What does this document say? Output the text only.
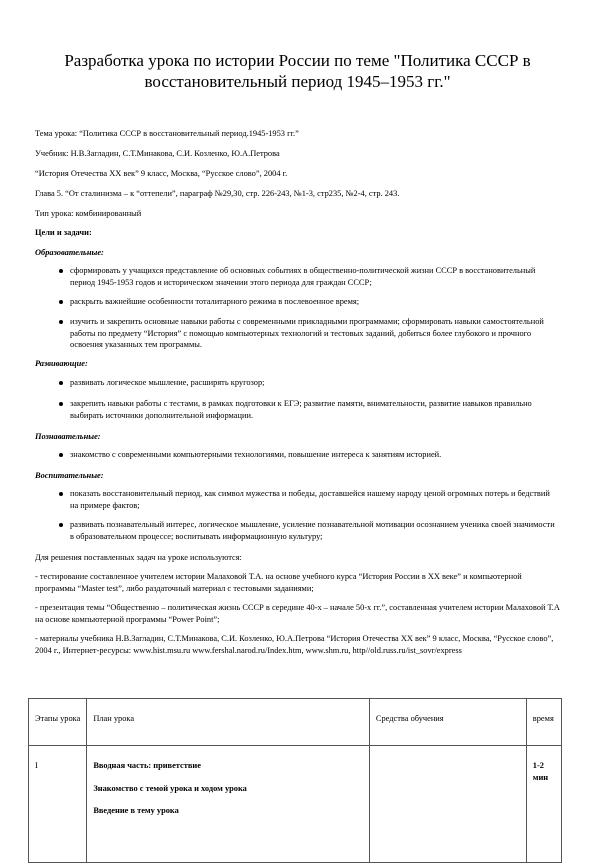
Разработка урока по истории России по теме "Политика СССР в восстановительный период 1945–1953 гг."
Тема урока: “Политика СССР в восстановительный период.1945-1953 гг.”
Учебник: Н.В.Загладин, С.Т.Минакова, С.И. Козленко, Ю.А.Петрова
“История Отечества XX век” 9 класс, Москва, “Русское слово”, 2004 г.
Глава 5. “От сталинизма – к “оттепели”, параграф №29,30, стр. 226-243, №1-3, стр235, №2-4, стр. 243.
Тип урока: комбинированный
Цели и задачи:
Образовательные:
сформировать у учащихся представление об основных событиях в общественно-политической жизни СССР в восстановительный период 1945-1953 годов и историческом значении этого периода для граждан СССР;
раскрыть важнейшие особенности тоталитарного режима в послевоенное время;
изучить и закрепить основные навыки работы с современными прикладными программами; сформировать навыки самостоятельной работы по предмету “История” с помощью компьютерных технологий и тестовых заданий, добиться более глубокого и прочного освоения указанных тем программы.
Развивающие:
развивать логическое мышление, расширять кругозор;
закрепить навыки работы с тестами, в рамках подготовки к ЕГЭ; развитие памяти, внимательности, развитие навыков правильно выбирать источники дополнительной информации.
Познавательные:
знакомство с современными компьютерными технологиями, повышение интереса к занятиям историей.
Воспитательные:
показать восстановительный период, как символ мужества и победы, доставшейся нашему народу ценой огромных потерь и бедствий на примере фактов;
развивать познавательный интерес, логическое мышление, усиление познавательной мотивации осознанием ученика своей значимости в образовательном процессе; воспитывать информационную культуру;
Для решения поставленных задач на уроке используются:
- тестирование составленное учителем истории Малаховой Т.А. на основе учебного курса “История России в XX веке” и компьютерной программы “Master test”, либо раздаточный материал с тестовыми заданиями;
- презентация темы “Общественно – политическая жизнь СССР в середине 40-х – начале 50-х гг.”, составленная учителем истории Малаховой Т.А на основе компьютерной программы “Power Point”;
- материалы учебника Н.В.Загладин, С.Т.Минакова, С.И. Козленко, Ю.А.Петрова “История Отечества XX век” 9 класс, Москва, “Русское слово”, 2004 г., Интернет-ресурсы: www.hist.msu.ru www.fershal.narod.ru/Index.htm, www.shm.ru, http//old.russ.ru/ist_sovr/express
Этапы урока	План урока	Средства обучения	время
I	Вводная часть: приветствие
Знакомство с темой урока и ходом урока
Введение в тему урока		1-2 мин
